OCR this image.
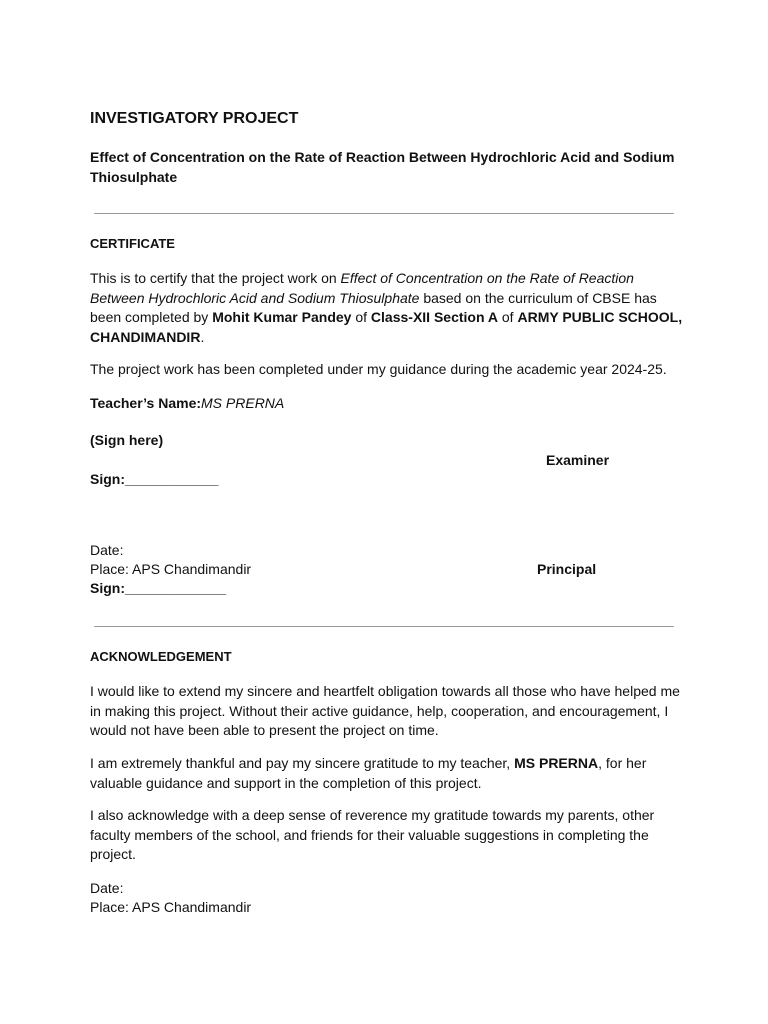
INVESTIGATORY PROJECT

Effect of Concentration on the Rate of Reaction Between Hydrochloric Acid and Sodium Thiosulphate

CERTIFICATE

This is to certify that the project work on Effect of Concentration on the Rate of Reaction Between Hydrochloric Acid and Sodium Thiosulphate based on the curriculum of CBSE has been completed by Mohit Kumar Pandey of Class-XII Section A of ARMY PUBLIC SCHOOL, CHANDIMANDIR.

The project work has been completed under my guidance during the academic year 2024-25.

Teacher’s Name:MS PRERNA

(Sign here)

Examiner

Sign:____________

Date:

Place: APS Chandimandir	Principal

Sign:_____________

ACKNOWLEDGEMENT

I would like to extend my sincere and heartfelt obligation towards all those who have helped me in making this project. Without their active guidance, help, cooperation, and encouragement, I would not have been able to present the project on time.

I am extremely thankful and pay my sincere gratitude to my teacher, MS PRERNA, for her valuable guidance and support in the completion of this project.

I also acknowledge with a deep sense of reverence my gratitude towards my parents, other faculty members of the school, and friends for their valuable suggestions in completing the project.

Date:

Place: APS Chandimandir
